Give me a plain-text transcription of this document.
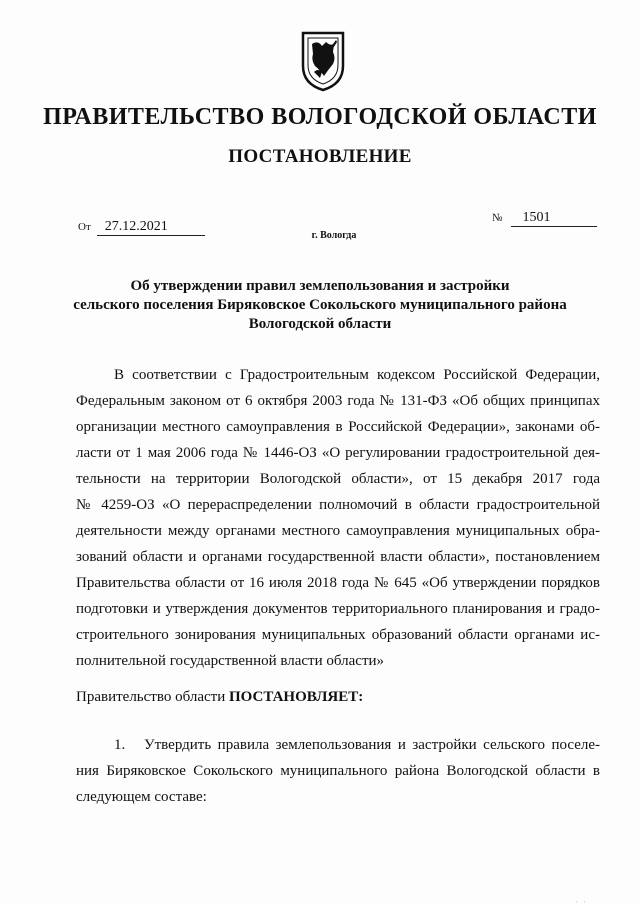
ПРАВИТЕЛЬСТВО ВОЛОГОДСКОЙ ОБЛАСТИ
ПОСТАНОВЛЕНИЕ
От 27.12.2021
№ 1501
г. Вологда
Об утверждении правил землепользования и застройки
сельского поселения Биряковское Сокольского муниципального района
Вологодской области
В соответствии с Градостроительным кодексом Российской Федерации,
Федеральным законом от 6 октября 2003 года № 131-ФЗ «Об общих принципах
организации местного самоуправления в Российской Федерации», законами об-
ласти от 1 мая 2006 года № 1446-ОЗ «О регулировании градостроительной дея-
тельности на территории Вологодской области», от 15 декабря 2017 года
№ 4259-ОЗ «О перераспределении полномочий в области градостроительной
деятельности между органами местного самоуправления муниципальных обра-
зований области и органами государственной власти области», постановлением
Правительства области от 16 июля 2018 года № 645 «Об утверждении порядков
подготовки и утверждения документов территориального планирования и градо-
строительного зонирования муниципальных образований области органами ис-
полнительной государственной власти области»
Правительство области ПОСТАНОВЛЯЕТ:
1. Утвердить правила землепользования и застройки сельского поселе-
ния Биряковское Сокольского муниципального района Вологодской области в
следующем составе:
ˌ ˌ
